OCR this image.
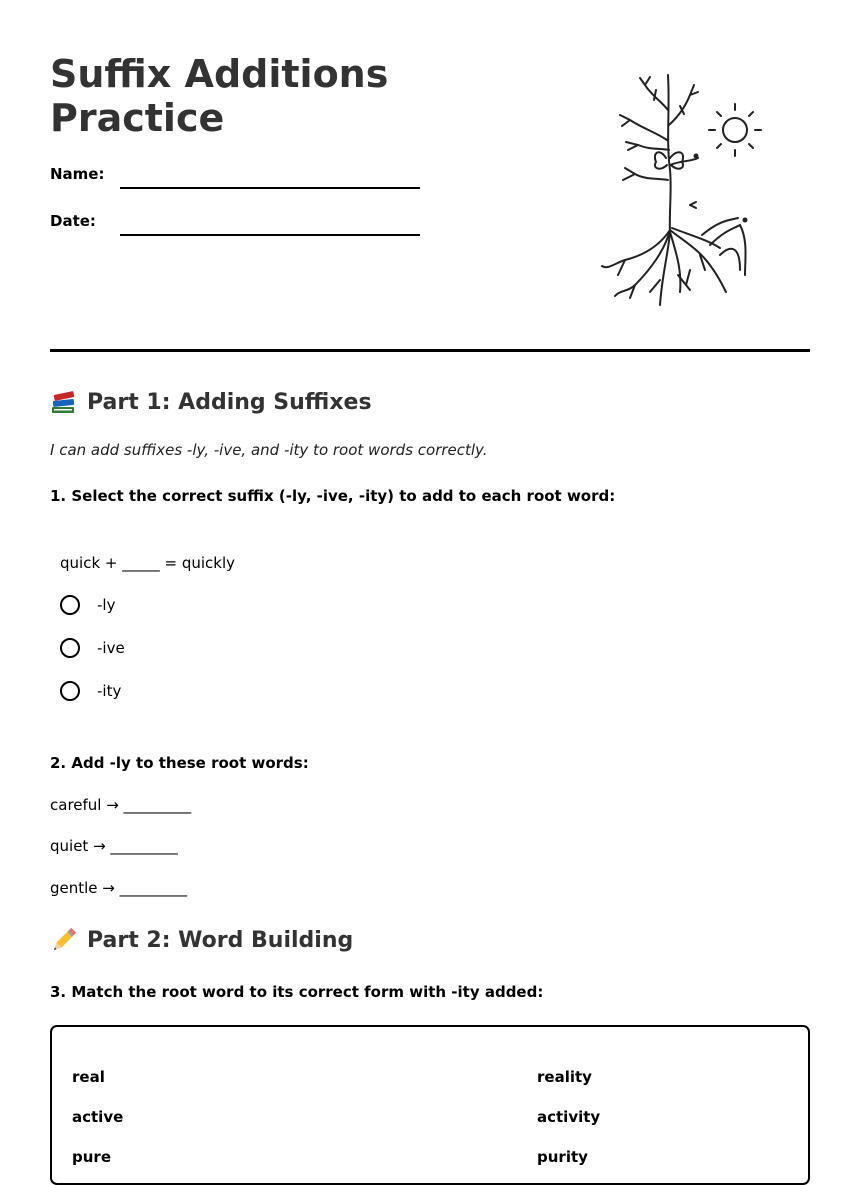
Suffix Additions
Practice
Name:
Date:
Part 1: Adding Suffixes
I can add suffixes -ly, -ive, and -ity to root words correctly.
1. Select the correct suffix (-ly, -ive, -ity) to add to each root word:
quick + _____ = quickly
-ly
-ive
-ity
2. Add -ly to these root words:
careful → _________
quiet → _________
gentle → _________
Part 2: Word Building
3. Match the root word to its correct form with -ity added:
real
active
pure
reality
activity
purity
